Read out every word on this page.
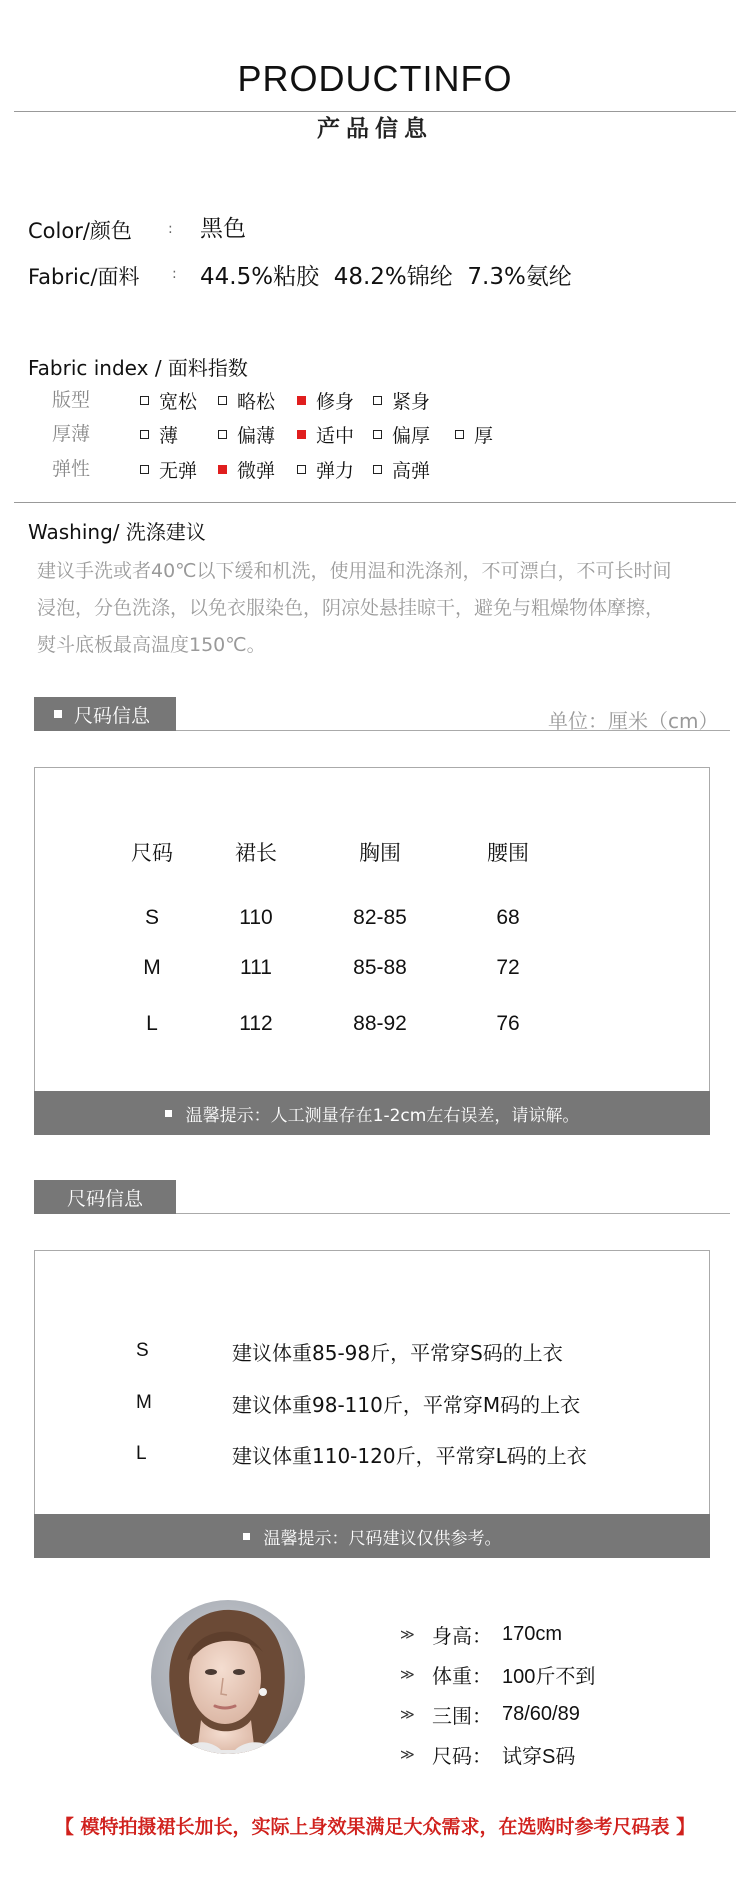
PRODUCTINFO
产品信息
Color/颜色	: 黑色
Fabric/面料 : 44.5%粘胶  48.2%锦纶  7.3%氨纶
Fabric index / 面料指数
版型	宽松 略松 修身 紧身
厚薄	薄	偏薄 适中 偏厚 厚
弹性	无弹 微弹 弹力 高弹
Washing/ 洗涤建议
建议手洗或者40℃以下缓和机洗，使用温和洗涤剂，不可漂白，不可长时间
浸泡，分色洗涤，以免衣服染色，阴凉处悬挂晾干，避免与粗燥物体摩擦，
熨斗底板最高温度150℃。
尺码信息	单位：厘米（cm）
尺码	裙长	胸围	腰围
S	110	82-85	68
M	111	85-88	72
L	112	88-92	76
温馨提示：人工测量存在1-2cm左右误差，请谅解。
尺码信息
S	建议体重85-98斤，平常穿S码的上衣
M	建议体重98-110斤，平常穿M码的上衣
L	建议体重110-120斤，平常穿L码的上衣
温馨提示：尺码建议仅供参考。
≫ 身高： 170cm
≫ 体重： 100斤不到
≫ 三围： 78/60/89
≫ 尺码： 试穿S码
【 模特拍摄裙长加长，实际上身效果满足大众需求，在选购时参考尺码表 】
